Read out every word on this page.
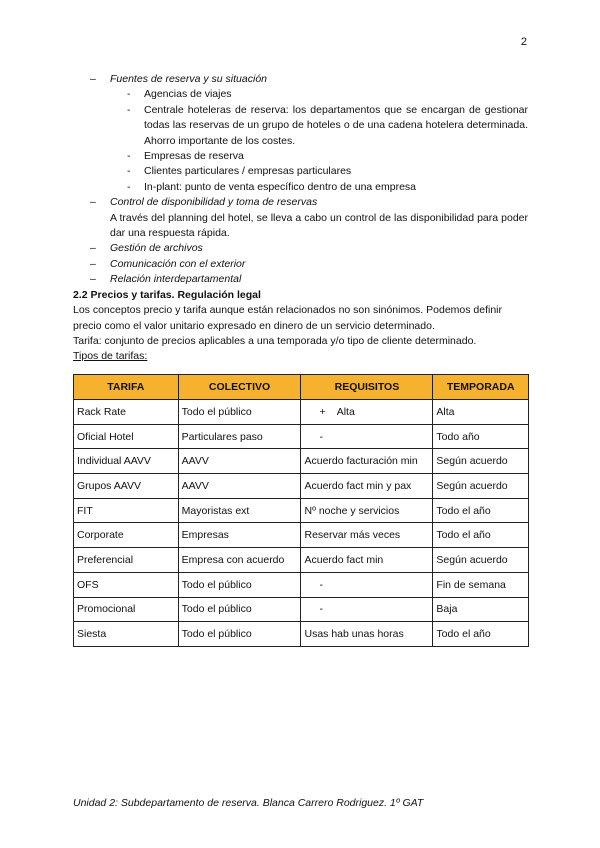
2
–	Fuentes de reserva y su situación
-	Agencias de viajes
-	Centrale hoteleras de reserva: los departamentos que se encargan de gestionar todas las reservas de un grupo de hoteles o de una cadena hotelera determinada. Ahorro importante de los costes.
-	Empresas de reserva
-	Clientes particulares / empresas particulares
-	In-plant: punto de venta específico dentro de una empresa
–	Control de disponibilidad y toma de reservas
A través del planning del hotel, se lleva a cabo un control de las disponibilidad para poder dar una respuesta rápida.
–	Gestión de archivos
–	Comunicación con el exterior
–	Relación interdepartamental
2.2 Precios y tarifas. Regulación legal
Los conceptos precio y tarifa aunque están relacionados no son sinónimos. Podemos definir precio como el valor unitario expresado en dinero de un servicio determinado.
Tarifa: conjunto de precios aplicables a una temporada y/o tipo de cliente determinado.
Tipos de tarifas:
TARIFA	COLECTIVO	REQUISITOS	TEMPORADA
Rack Rate	Todo el público	+    Alta	Alta
Oficial Hotel	Particulares paso	-	Todo año
Individual AAVV	AAVV	Acuerdo facturación min	Según acuerdo
Grupos AAVV	AAVV	Acuerdo fact min y pax	Según acuerdo
FIT	Mayoristas ext	Nº noche y servicios	Todo el año
Corporate	Empresas	Reservar más veces	Todo el año
Preferencial	Empresa con acuerdo	Acuerdo fact min	Según acuerdo
OFS	Todo el público	-	Fin de semana
Promocional	Todo el público	-	Baja
Siesta	Todo el público	Usas hab unas horas	Todo el año
Unidad 2: Subdepartamento de reserva. Blanca Carrero Rodriguez. 1º GAT
